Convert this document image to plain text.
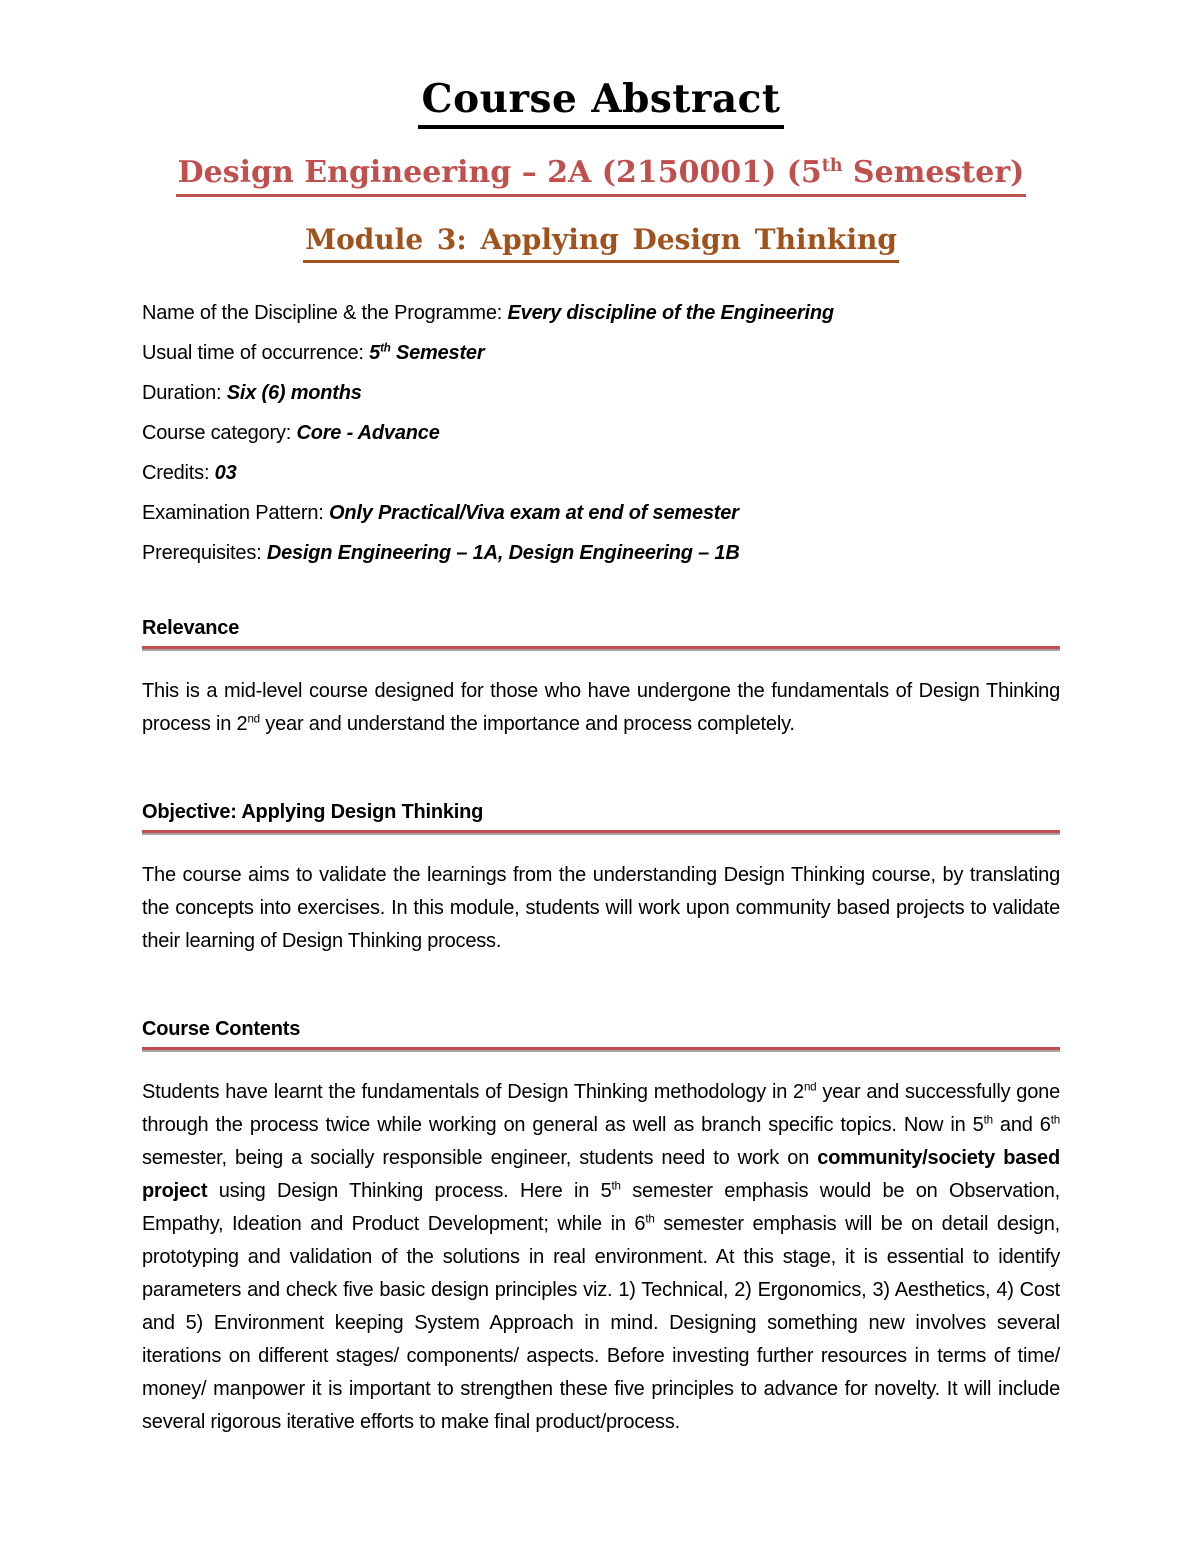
Course Abstract
Design Engineering – 2A (2150001) (5th Semester)
Module 3: Applying Design Thinking
Name of the Discipline & the Programme: Every discipline of the Engineering
Usual time of occurrence: 5th Semester
Duration: Six (6) months
Course category: Core - Advance
Credits: 03
Examination Pattern: Only Practical/Viva exam at end of semester
Prerequisites: Design Engineering – 1A, Design Engineering – 1B
Relevance

This is a mid-level course designed for those who have undergone the fundamentals of Design Thinking process in 2nd year and understand the importance and process completely.

Objective: Applying Design Thinking

The course aims to validate the learnings from the understanding Design Thinking course, by translating the concepts into exercises. In this module, students will work upon community based projects to validate their learning of Design Thinking process.

Course Contents

Students have learnt the fundamentals of Design Thinking methodology in 2nd year and successfully gone through the process twice while working on general as well as branch specific topics. Now in 5th and 6th semester, being a socially responsible engineer, students need to work on community/society based project using Design Thinking process. Here in 5th semester emphasis would be on Observation, Empathy, Ideation and Product Development; while in 6th semester emphasis will be on detail design, prototyping and validation of the solutions in real environment. At this stage, it is essential to identify parameters and check five basic design principles viz. 1) Technical, 2) Ergonomics, 3) Aesthetics, 4) Cost and 5) Environment keeping System Approach in mind. Designing something new involves several iterations on different stages/ components/ aspects. Before investing further resources in terms of time/ money/ manpower it is important to strengthen these five principles to advance for novelty. It will include several rigorous iterative efforts to make final product/process.
